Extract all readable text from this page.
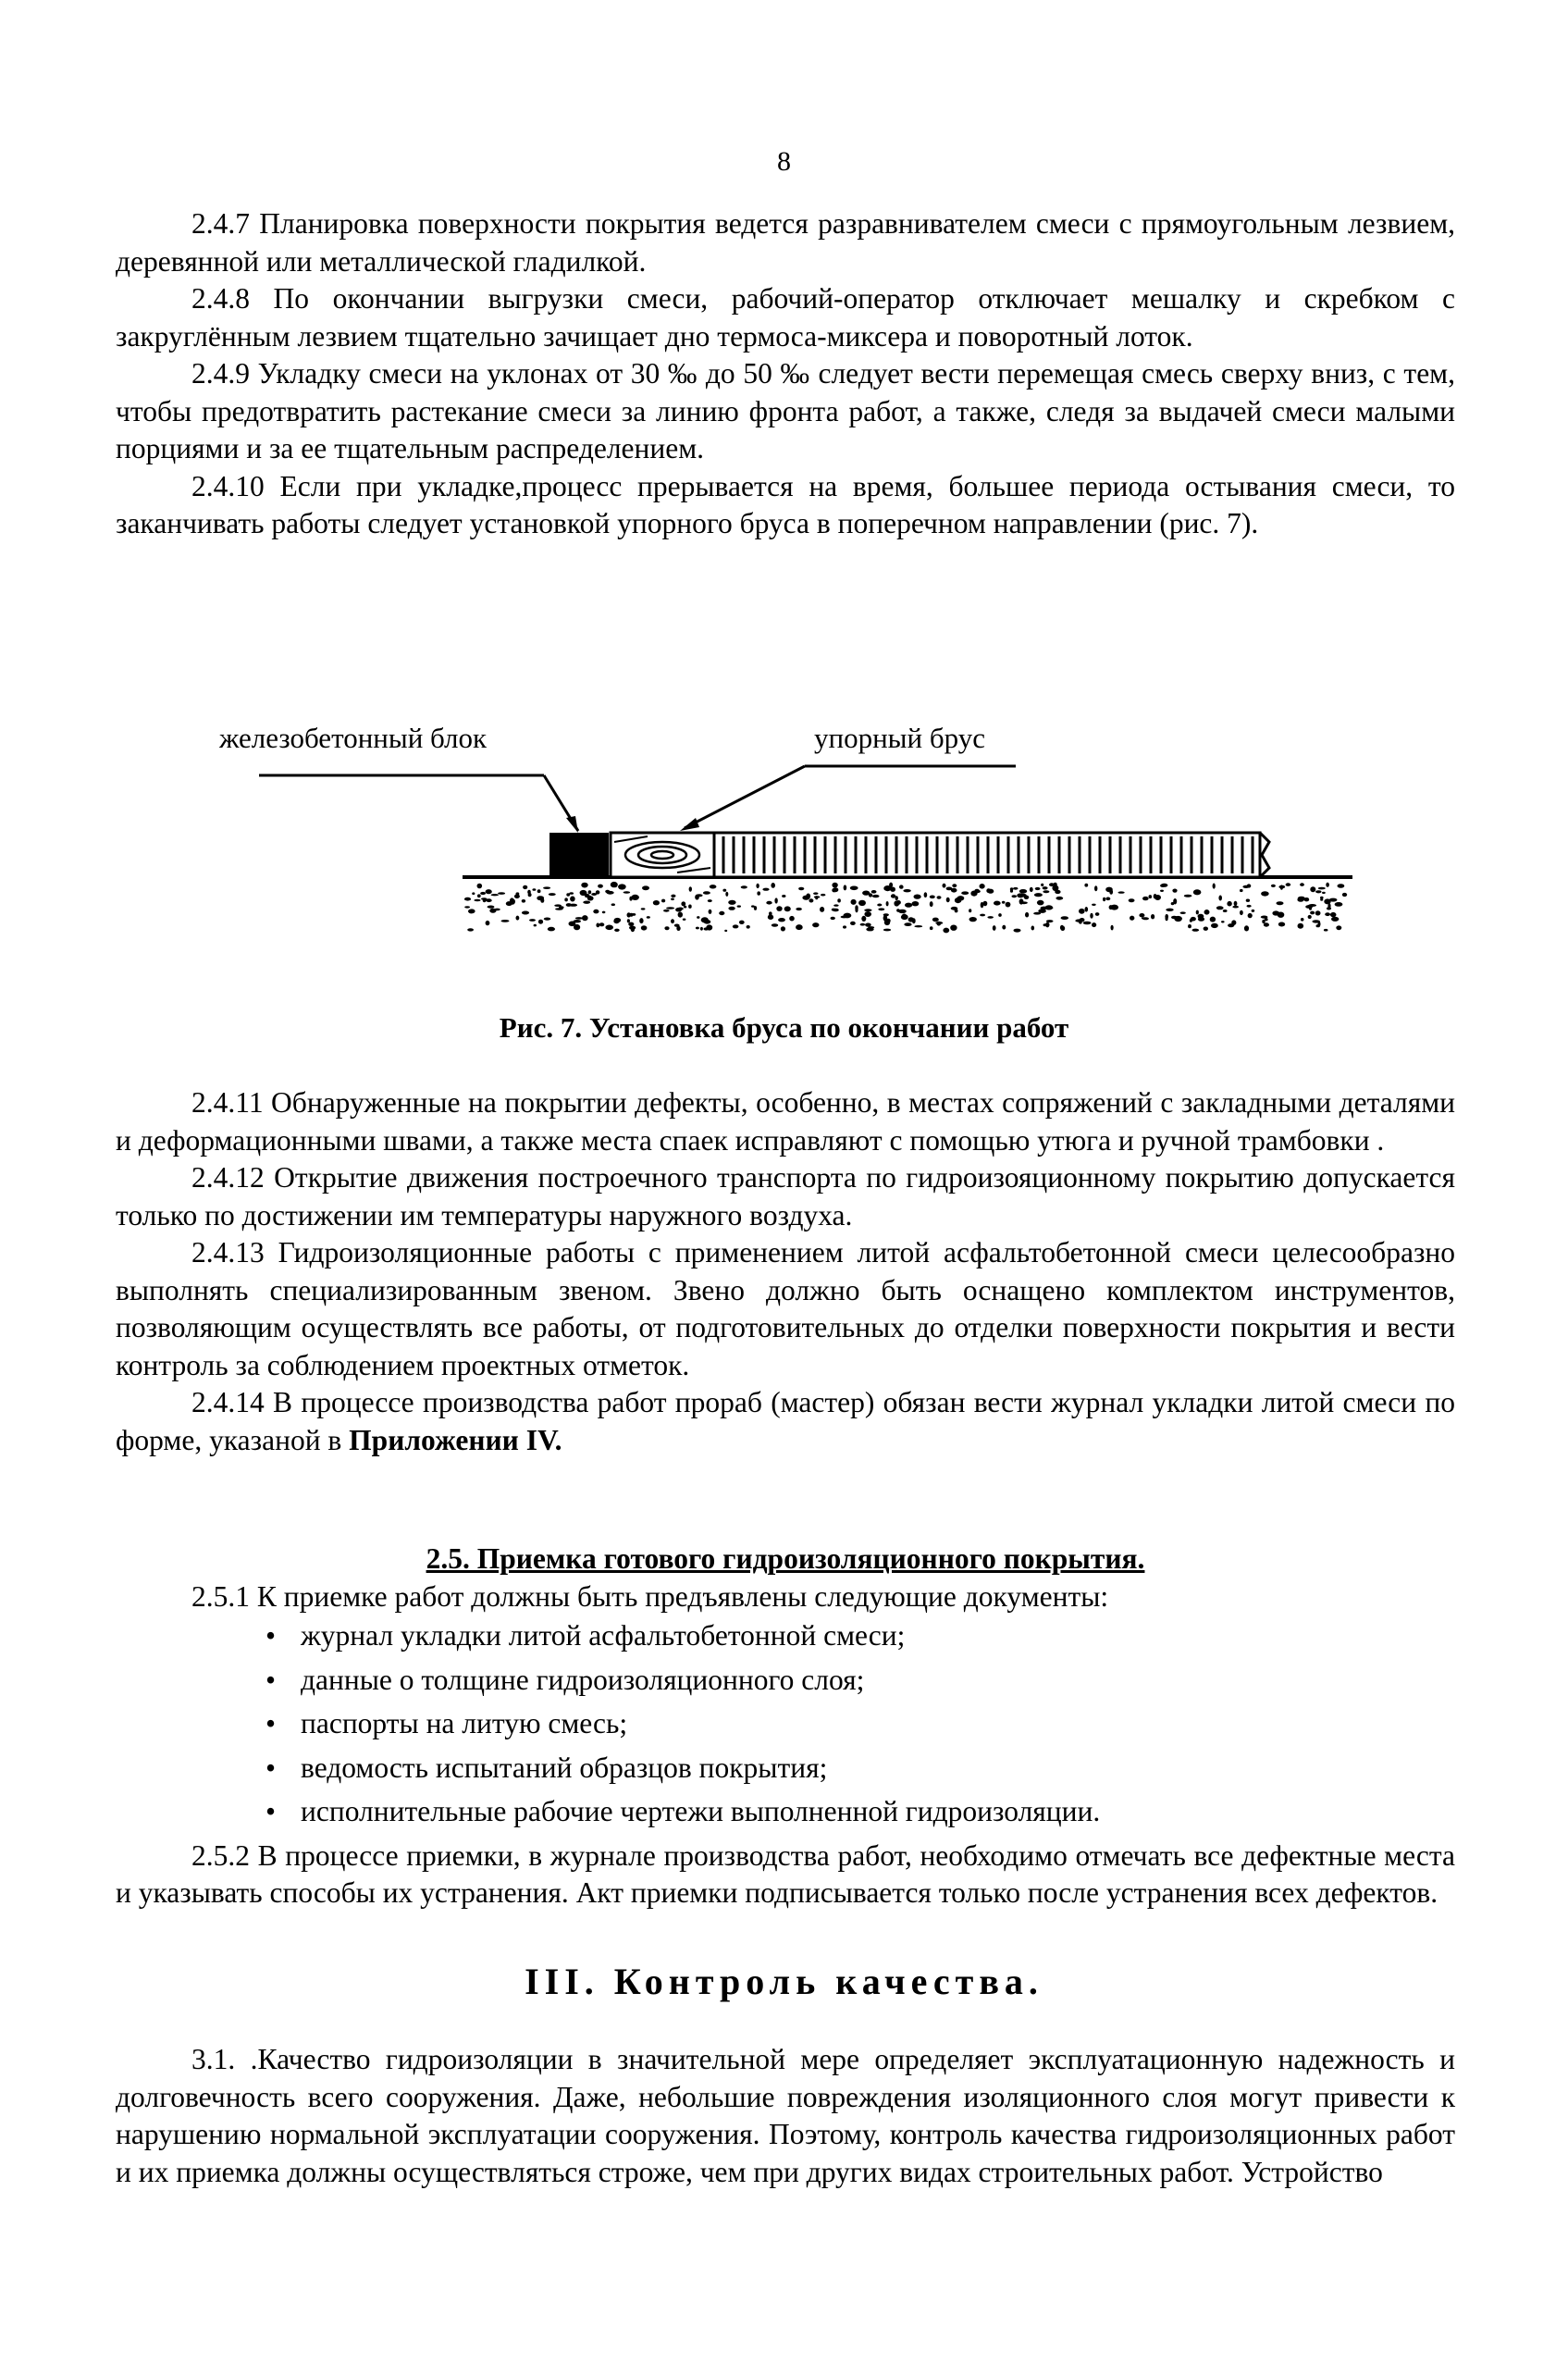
8

2.4.7 Планировка поверхности покрытия ведется разравнивателем смеси с прямоугольным лезвием, деревянной или металлической гладилкой.

2.4.8 По окончании выгрузки смеси, рабочий-оператор отключает мешалку и скребком с закруглённым лезвием тщательно зачищает дно термоса-миксера и поворотный лоток.

2.4.9 Укладку смеси на уклонах от 30 ‰ до 50 ‰ следует вести перемещая смесь сверху вниз, с тем, чтобы предотвратить растекание смеси за линию фронта работ, а также, следя за выдачей смеси малыми порциями и за ее тщательным распределением.

2.4.10 Если при укладке,процесс прерывается на время, большее периода остывания смеси, то заканчивать работы следует установкой упорного бруса в поперечном направлении (рис. 7).

железобетонный блок	упорный брус
Рис. 7. Установка бруса по окончании работ

2.4.11 Обнаруженные на покрытии дефекты, особенно, в местах сопряжений с закладными деталями и деформационными швами, а также места спаек исправляют с помощью утюга и ручной трамбовки .

2.4.12 Открытие движения построечного транспорта по гидроизояционному покрытию допускается только по достижении им температуры наружного воздуха.

2.4.13 Гидроизоляционные работы с применением литой асфальтобетонной смеси целесообразно выполнять специализированным звеном. Звено должно быть оснащено комплектом инструментов, позволяющим осуществлять все работы, от подготовительных до отделки поверхности покрытия и вести контроль за соблюдением проектных отметок.

2.4.14 В процессе производства работ прораб (мастер) обязан вести журнал укладки литой смеси по форме, указаной в Приложении IV.

2.5. Приемка готового гидроизоляционного покрытия.

2.5.1 К приемке работ должны быть предъявлены следующие документы:

• журнал укладки литой асфальтобетонной смеси;
• данные о толщине гидроизоляционного слоя;
• паспорты на литую смесь;
• ведомость испытаний образцов покрытия;
• исполнительные рабочие чертежи выполненной гидроизоляции.

2.5.2 В процессе приемки, в журнале производства работ, необходимо отмечать все дефектные места и указывать способы их устранения. Акт приемки подписывается только после устранения всех дефектов.

III. Контроль качества.

3.1. .Качество гидроизоляции в значительной мере определяет эксплуатационную надежность и долговечность всего сооружения. Даже, небольшие повреждения изоляционного слоя могут привести к нарушению нормальной эксплуатации сооружения. Поэтому, контроль качества гидроизоляционных работ и их приемка должны осуществляться строже, чем при других видах строительных работ. Устройство
